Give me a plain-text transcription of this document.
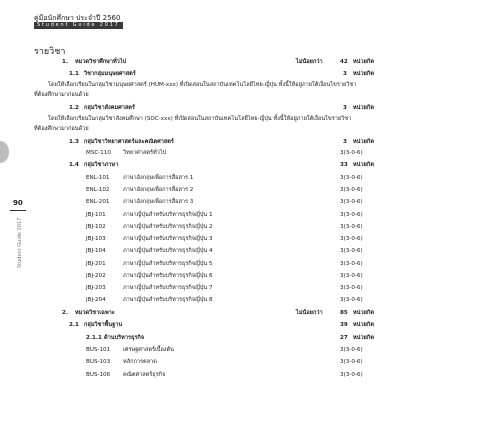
คู่มือนักศึกษา ประจำปี 2560
Student Guide 2017
รายวิชา
90
Student Guide 2017
1. หมวดวิชาศึกษาทั่วไป	ไม่น้อยกว่า	42 หน่วยกิต
1.1 วิชากลุ่มมนุษยศาสตร์	3 หน่วยกิต
โดยให้เลือกเรียนในกลุ่มวิชามนุษยศาสตร์ (HUM-xxx) ที่เปิดสอนในสถาบันเทคโนโลยีไทย-ญี่ปุ่น ทั้งนี้ให้อยู่ภายใต้เงื่อนไขรายวิชา
ที่ต้องศึกษามาก่อนด้วย
1.2 กลุ่มวิชาสังคมศาสตร์	3 หน่วยกิต
โดยให้เลือกเรียนในกลุ่มวิชาสังคมศึกษา (SOC-xxx) ที่เปิดสอนในสถาบันเทคโนโลยีไทย-ญี่ปุ่น ทั้งนี้ให้อยู่ภายใต้เงื่อนไขรายวิชา
ที่ต้องศึกษามาก่อนด้วย
1.3 กลุ่มวิชาวิทยาศาสตร์และคณิตศาสตร์	3 หน่วยกิต
MSC-110 วิทยาศาสตร์ทั่วไป	3(3-0-6)
1.4 กลุ่มวิชาภาษา	33 หน่วยกิต
ENL-101 ภาษาอังกฤษเพื่อการสื่อสาร 1	3(3-0-6)
ENL-102 ภาษาอังกฤษเพื่อการสื่อสาร 2	3(3-0-6)
ENL-201 ภาษาอังกฤษเพื่อการสื่อสาร 3	3(3-0-6)
JBJ-101	ภาษาญี่ปุ่นสำหรับบริหารธุรกิจญี่ปุ่น 1	3(3-0-6)
JBJ-102	ภาษาญี่ปุ่นสำหรับบริหารธุรกิจญี่ปุ่น 2	3(3-0-6)
JBJ-103	ภาษาญี่ปุ่นสำหรับบริหารธุรกิจญี่ปุ่น 3	3(3-0-6)
JBJ-104	ภาษาญี่ปุ่นสำหรับบริหารธุรกิจญี่ปุ่น 4	3(3-0-6)
JBJ-201	ภาษาญี่ปุ่นสำหรับบริหารธุรกิจญี่ปุ่น 5	3(3-0-6)
JBJ-202	ภาษาญี่ปุ่นสำหรับบริหารธุรกิจญี่ปุ่น 6	3(3-0-6)
JBJ-203	ภาษาญี่ปุ่นสำหรับบริหารธุรกิจญี่ปุ่น 7	3(3-0-6)
JBJ-204	ภาษาญี่ปุ่นสำหรับบริหารธุรกิจญี่ปุ่น 8	3(3-0-6)
2. หมวดวิชาเฉพาะ	ไม่น้อยกว่า	85 หน่วยกิต
2.1 กลุ่มวิชาพื้นฐาน	39 หน่วยกิต
2.1.1 ด้านบริหารธุรกิจ	27 หน่วยกิต
BUS-101 เศรษฐศาสตร์เบื้องต้น	3(3-0-6)
BUS-103 หลักการตลาด	3(3-0-6)
BUS-106 คณิตศาสตร์ธุรกิจ	3(3-0-6)
